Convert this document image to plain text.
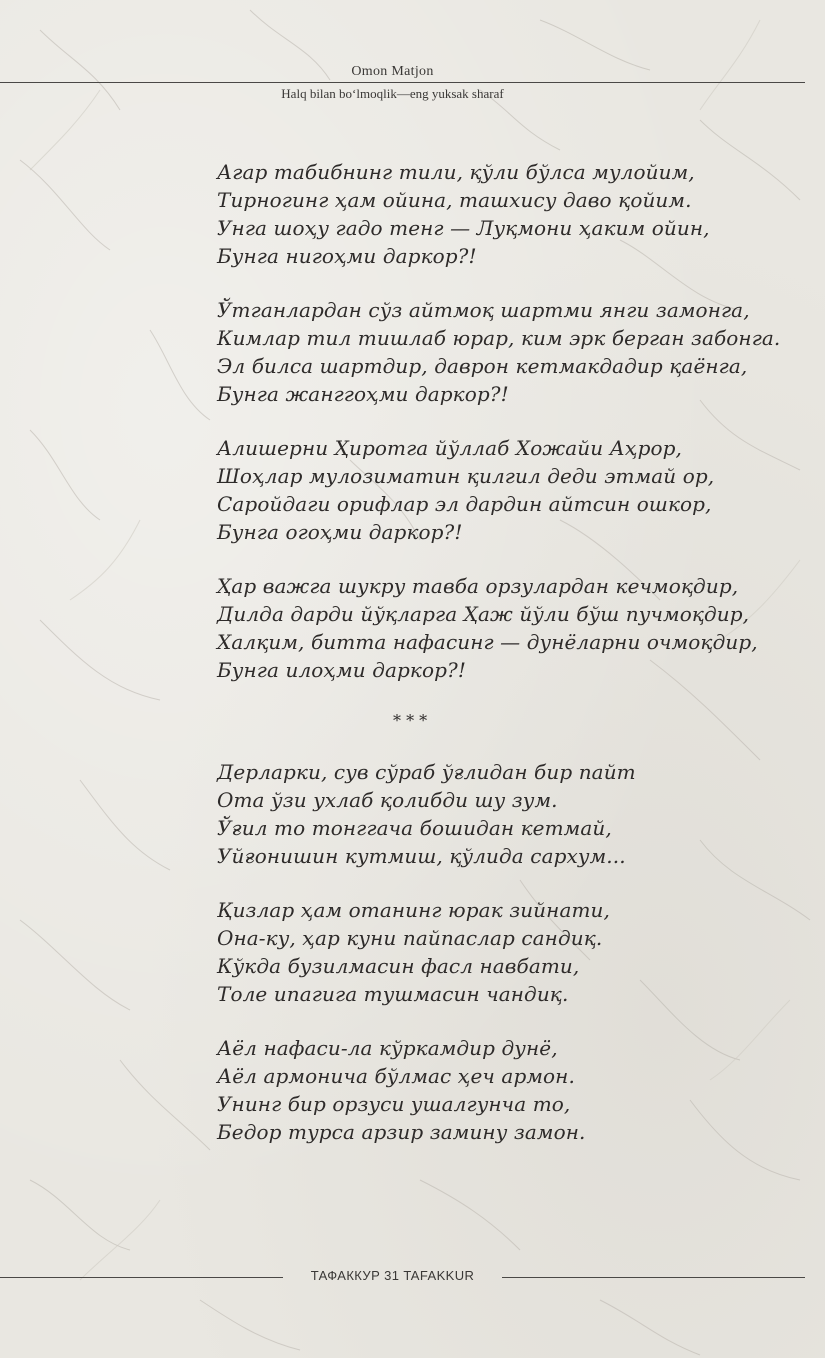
Omon Matjon
Halq bilan bo‘lmoqlik—eng yuksak sharaf
Агар табибнинг тили, қўли бўлса мулойим,
Тирногинг ҳам ойина, ташхису даво қойим.
Унга шоҳу гадо тенг — Луқмони ҳаким ойин,
Бунга нигоҳми даркор?!
Ўтганлардан сўз айтмоқ шартми янги замонга,
Кимлар тил тишлаб юрар, ким эрк берган забонга.
Эл билса шартдир, даврон кетмакдадир қаёнга,
Бунга жанггоҳми даркор?!
Алишерни Ҳиротга йўллаб Хожайи Аҳрор,
Шоҳлар мулозиматин қилгил деди этмай ор,
Саройдаги орифлар эл дардин айтсин ошкор,
Бунга огоҳми даркор?!
Ҳар важга шукру тавба орзулардан кечмоқдир,
Дилда дарди йўқларга Ҳаж йўли бўш пучмоқдир,
Халқим, битта нафасинг — дунёларни очмоқдир,
Бунга илоҳми даркор?!
* * *
Дерларки, сув сўраб ўғлидан бир пайт
Ота ўзи ухлаб қолибди шу зум.
Ўғил то тонггача бошидан кетмай,
Уйғонишин кутмиш, қўлида сархум...
Қизлар ҳам отанинг юрак зийнати,
Она-ку, ҳар куни пайпаслар сандиқ.
Кўкда бузилмасин фасл навбати,
Толе ипагига тушмасин чандиқ.
Аёл нафаси-ла кўркамдир дунё,
Аёл армонича бўлмас ҳеч армон.
Унинг бир орзуси ушалгунча то,
Бедор турса арзир замину замон.
ТАФАККУР 31 TAFAKKUR
